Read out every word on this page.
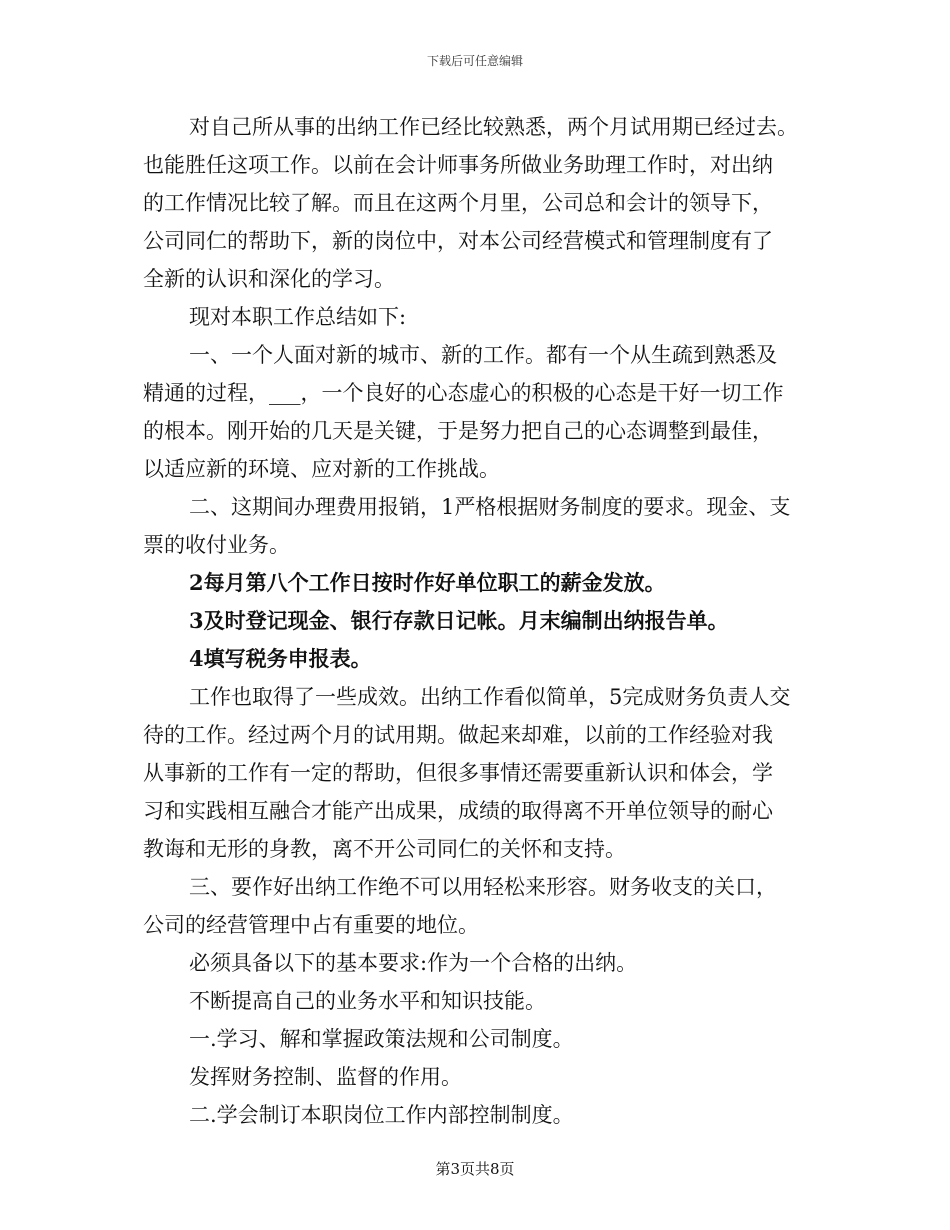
下载后可任意编辑
对自己所从事的出纳工作已经比较熟悉，两个月试用期已经过去。
也能胜任这项工作。以前在会计师事务所做业务助理工作时，对出纳
的工作情况比较了解。而且在这两个月里，公司总和会计的领导下，
公司同仁的帮助下，新的岗位中，对本公司经营模式和管理制度有了
全新的认识和深化的学习。
现对本职工作总结如下:
一、一个人面对新的城市、新的工作。都有一个从生疏到熟悉及
精通的过程，___，一个良好的心态虚心的积极的心态是干好一切工作
的根本。刚开始的几天是关键，于是努力把自己的心态调整到最佳，
以适应新的环境、应对新的工作挑战。
二、这期间办理费用报销，1严格根据财务制度的要求。现金、支
票的收付业务。
2每月第八个工作日按时作好单位职工的薪金发放。
3及时登记现金、银行存款日记帐。月末编制出纳报告单。
4填写税务申报表。
工作也取得了一些成效。出纳工作看似简单，5完成财务负责人交
待的工作。经过两个月的试用期。做起来却难，以前的工作经验对我
从事新的工作有一定的帮助，但很多事情还需要重新认识和体会，学
习和实践相互融合才能产出成果，成绩的取得离不开单位领导的耐心
教诲和无形的身教，离不开公司同仁的关怀和支持。
三、要作好出纳工作绝不可以用轻松来形容。财务收支的关口，
公司的经营管理中占有重要的地位。
必须具备以下的基本要求:作为一个合格的出纳。
不断提高自己的业务水平和知识技能。
一.学习、解和掌握政策法规和公司制度。
发挥财务控制、监督的作用。
二.学会制订本职岗位工作内部控制制度。
第3页共8页
